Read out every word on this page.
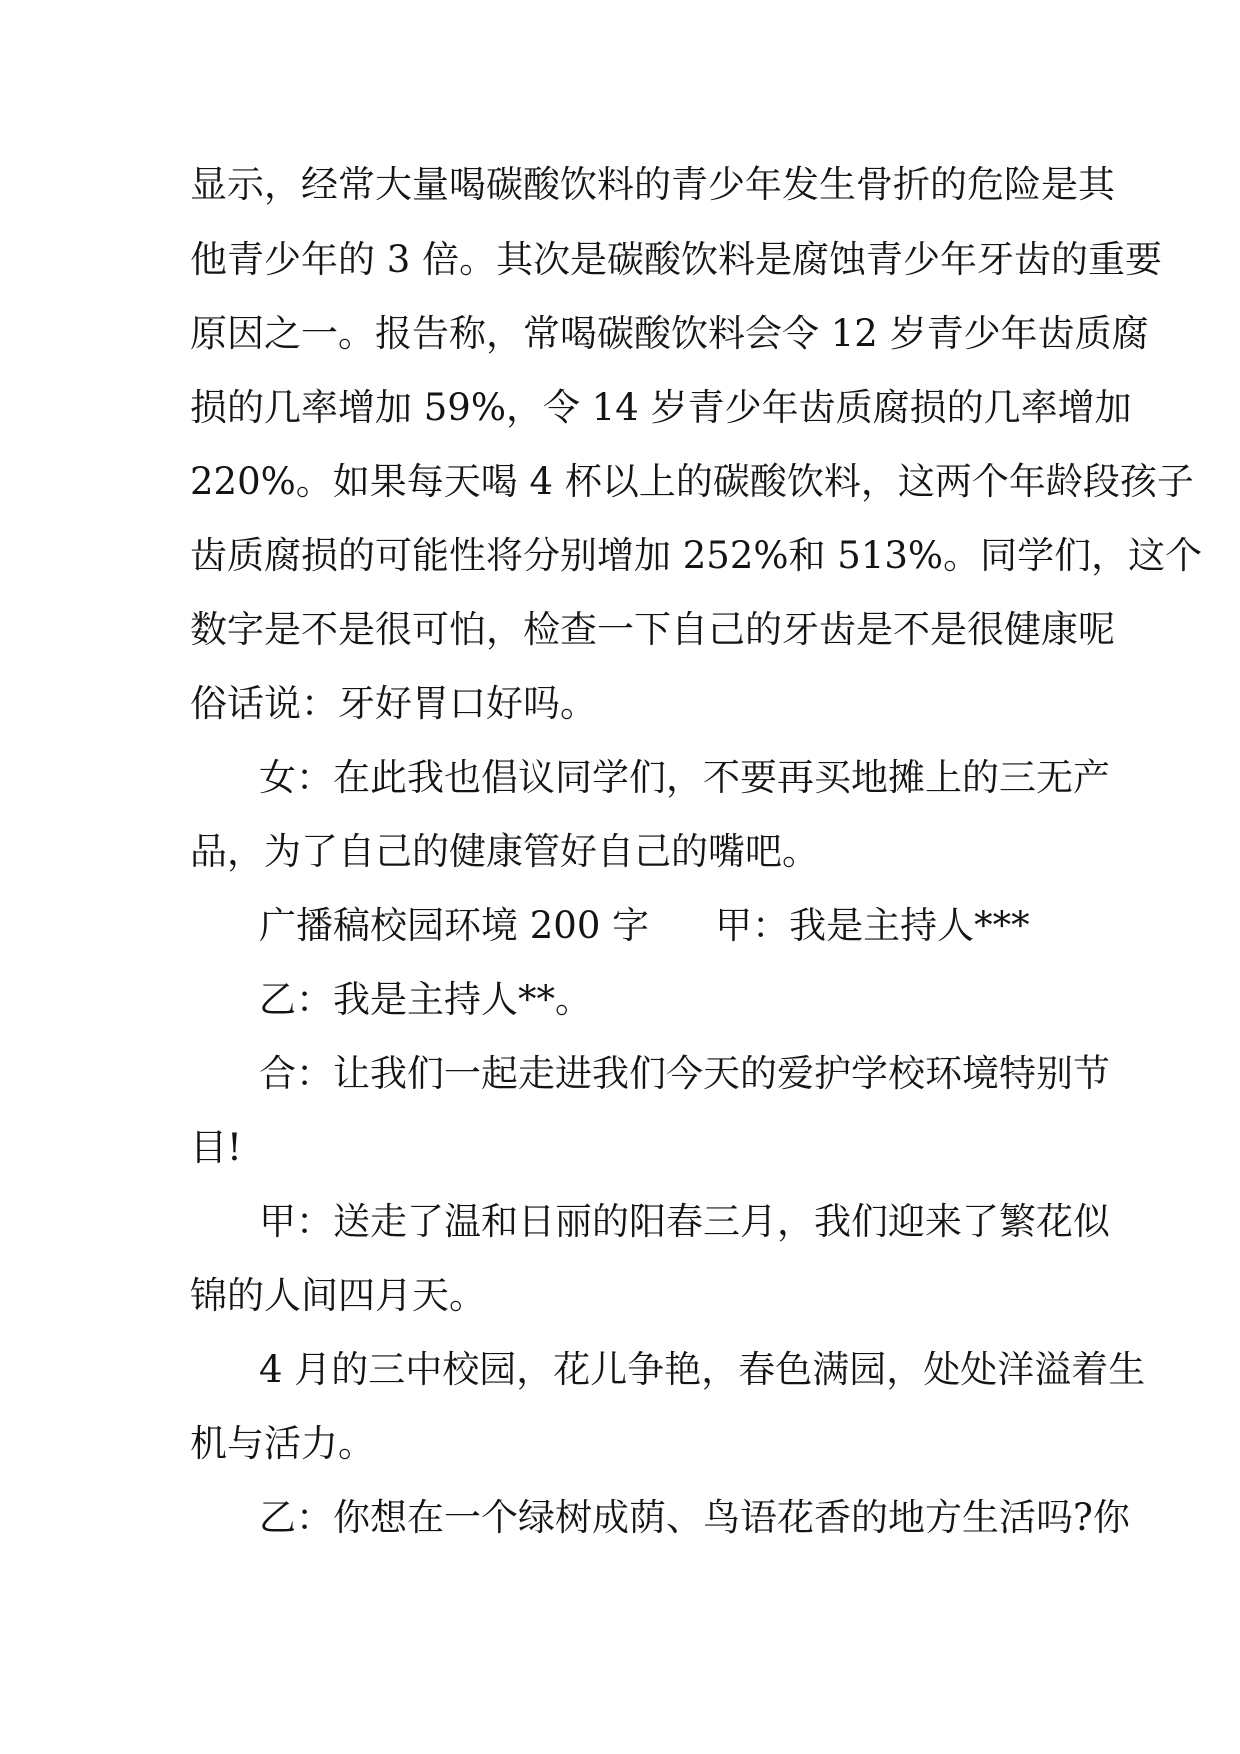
显示，经常大量喝碳酸饮料的青少年发生骨折的危险是其
他青少年的 3 倍。其次是碳酸饮料是腐蚀青少年牙齿的重要
原因之一。报告称，常喝碳酸饮料会令 12 岁青少年齿质腐
损的几率增加 59%，令 14 岁青少年齿质腐损的几率增加
220%。如果每天喝 4 杯以上的碳酸饮料，这两个年龄段孩子
齿质腐损的可能性将分别增加 252%和 513%。同学们，这个
数字是不是很可怕，检查一下自己的牙齿是不是很健康呢
俗话说：牙好胃口好吗。
女：在此我也倡议同学们，不要再买地摊上的三无产
品，为了自己的健康管好自己的嘴吧。
广播稿校园环境 200 字 甲：我是主持人***
乙：我是主持人**。
合：让我们一起走进我们今天的爱护学校环境特别节
目!
甲：送走了温和日丽的阳春三月，我们迎来了繁花似
锦的人间四月天。
4 月的三中校园，花儿争艳，春色满园，处处洋溢着生
机与活力。
乙：你想在一个绿树成荫、鸟语花香的地方生活吗?你
